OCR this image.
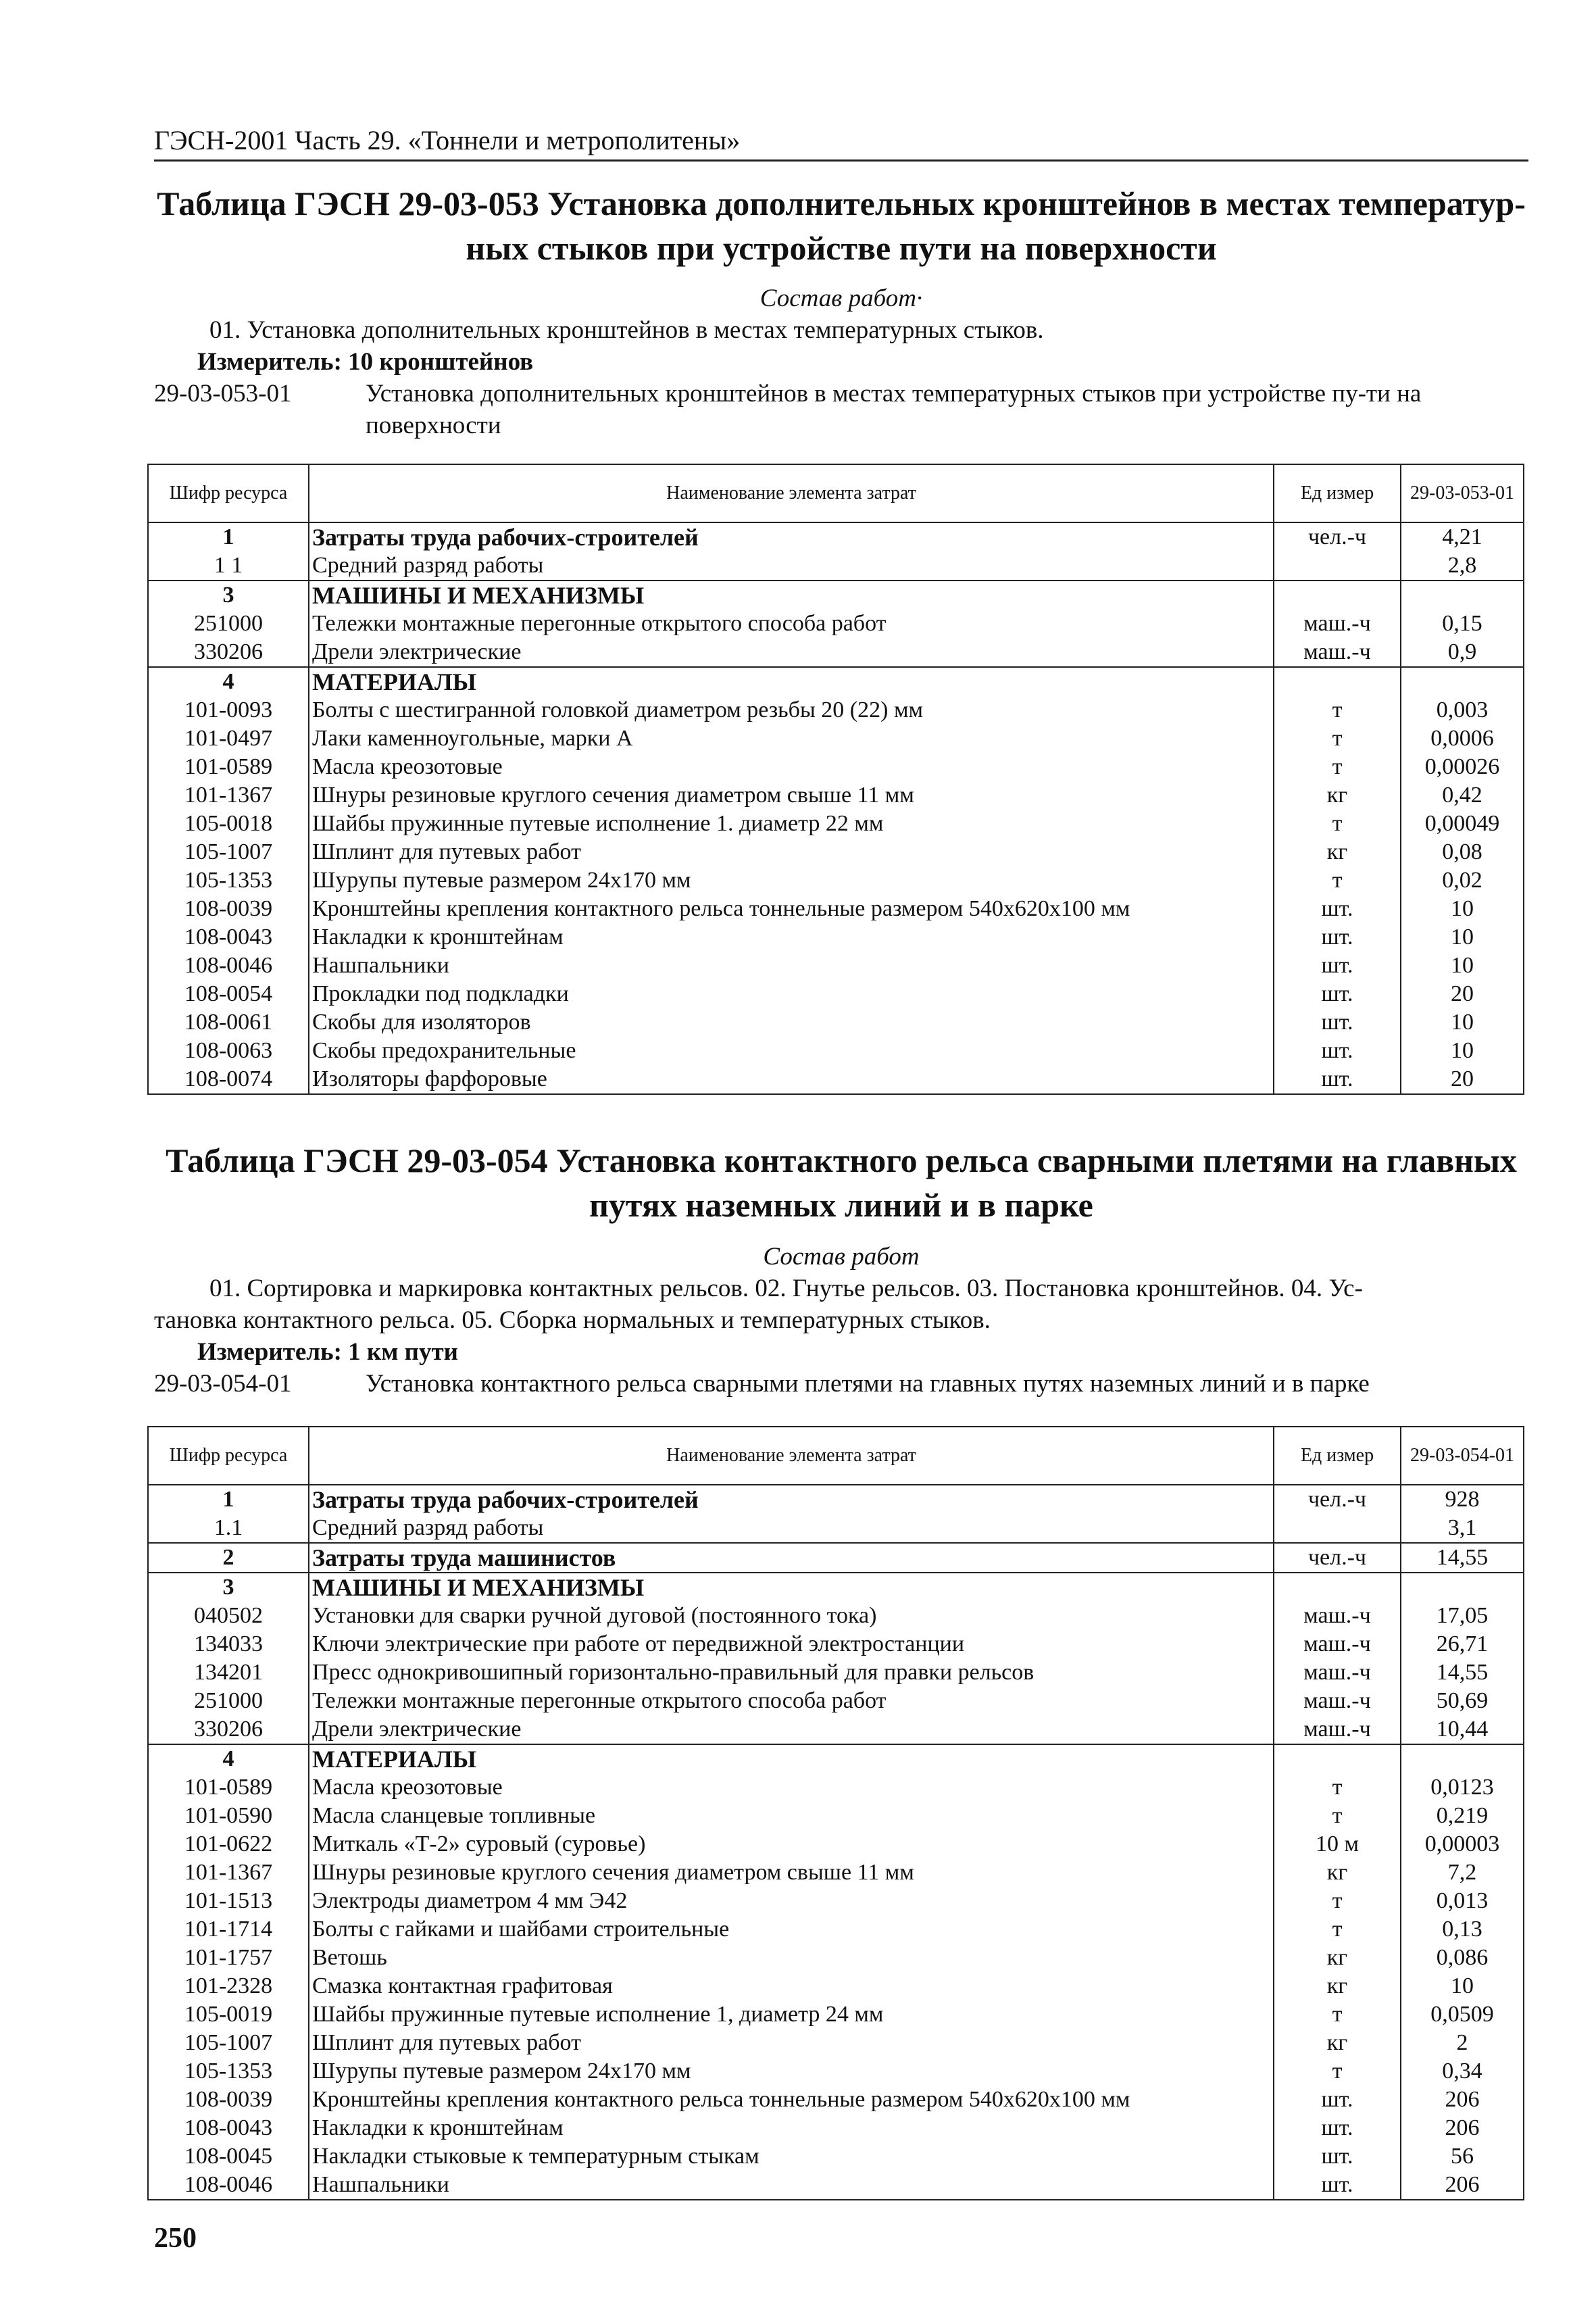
ГЭСН-2001 Часть 29. «Тоннели и метрополитены»
Таблица ГЭСН 29-03-053 Установка дополнительных кронштейнов в местах температур-
ных стыков при устройстве пути на поверхности
Состав работ·
01. Установка дополнительных кронштейнов в местах температурных стыков.
Измеритель: 10 кронштейнов
29-03-053-01	Установка дополнительных кронштейнов в местах температурных стыков при устройстве пу-ти на поверхности
Шифр ресурса	Наименование элемента затрат	Ед измер	29-03-053-01
1	Затраты труда рабочих-строителей	чел.-ч	4,21
1 1	Средний разряд работы		2,8
3	МАШИНЫ И МЕХАНИЗМЫ		
251000	Тележки монтажные перегонные открытого способа работ	маш.-ч	0,15
330206	Дрели электрические	маш.-ч	0,9
4	МАТЕРИАЛЫ		
101-0093	Болты с шестигранной головкой диаметром резьбы 20 (22) мм	т	0,003
101-0497	Лаки каменноугольные, марки А	т	0,0006
101-0589	Масла креозотовые	т	0,00026
101-1367	Шнуры резиновые круглого сечения диаметром свыше 11 мм	кг	0,42
105-0018	Шайбы пружинные путевые исполнение 1. диаметр 22 мм	т	0,00049
105-1007	Шплинт для путевых работ	кг	0,08
105-1353	Шурупы путевые размером 24х170 мм	т	0,02
108-0039	Кронштейны крепления контактного рельса тоннельные размером 540х620х100 мм	шт.	10
108-0043	Накладки к кронштейнам	шт.	10
108-0046	Нашпальники	шт.	10
108-0054	Прокладки под подкладки	шт.	20
108-0061	Скобы для изоляторов	шт.	10
108-0063	Скобы предохранительные	шт.	10
108-0074	Изоляторы фарфоровые	шт.	20
Таблица ГЭСН 29-03-054 Установка контактного рельса сварными плетями на главных
путях наземных линий и в парке
Состав работ
01. Сортировка и маркировка контактных рельсов. 02. Гнутье рельсов. 03. Постановка кронштейнов. 04. Ус-
тановка контактного рельса. 05. Сборка нормальных и температурных стыков.
Измеритель: 1 км пути
29-03-054-01	Установка контактного рельса сварными плетями на главных путях наземных линий и в парке
Шифр ресурса	Наименование элемента затрат	Ед измер	29-03-054-01
1	Затраты труда рабочих-строителей	чел.-ч	928
1.1	Средний разряд работы		3,1
2	Затраты труда машинистов	чел.-ч	14,55
3	МАШИНЫ И МЕХАНИЗМЫ		
040502	Установки для сварки ручной дуговой (постоянного тока)	маш.-ч	17,05
134033	Ключи электрические при работе от передвижной электростанции	маш.-ч	26,71
134201	Пресс однокривошипный горизонтально-правильный для правки рельсов	маш.-ч	14,55
251000	Тележки монтажные перегонные открытого способа работ	маш.-ч	50,69
330206	Дрели электрические	маш.-ч	10,44
4	МАТЕРИАЛЫ		
101-0589	Масла креозотовые	т	0,0123
101-0590	Масла сланцевые топливные	т	0,219
101-0622	Миткаль «Т-2» суровый (суровье)	10 м	0,00003
101-1367	Шнуры резиновые круглого сечения диаметром свыше 11 мм	кг	7,2
101-1513	Электроды диаметром 4 мм Э42	т	0,013
101-1714	Болты с гайками и шайбами строительные	т	0,13
101-1757	Ветошь	кг	0,086
101-2328	Смазка контактная графитовая	кг	10
105-0019	Шайбы пружинные путевые исполнение 1, диаметр 24 мм	т	0,0509
105-1007	Шплинт для путевых работ	кг	2
105-1353	Шурупы путевые размером 24х170 мм	т	0,34
108-0039	Кронштейны крепления контактного рельса тоннельные размером 540х620х100 мм	шт.	206
108-0043	Накладки к кронштейнам	шт.	206
108-0045	Накладки стыковые к температурным стыкам	шт.	56
108-0046	Нашпальники	шт.	206
250
